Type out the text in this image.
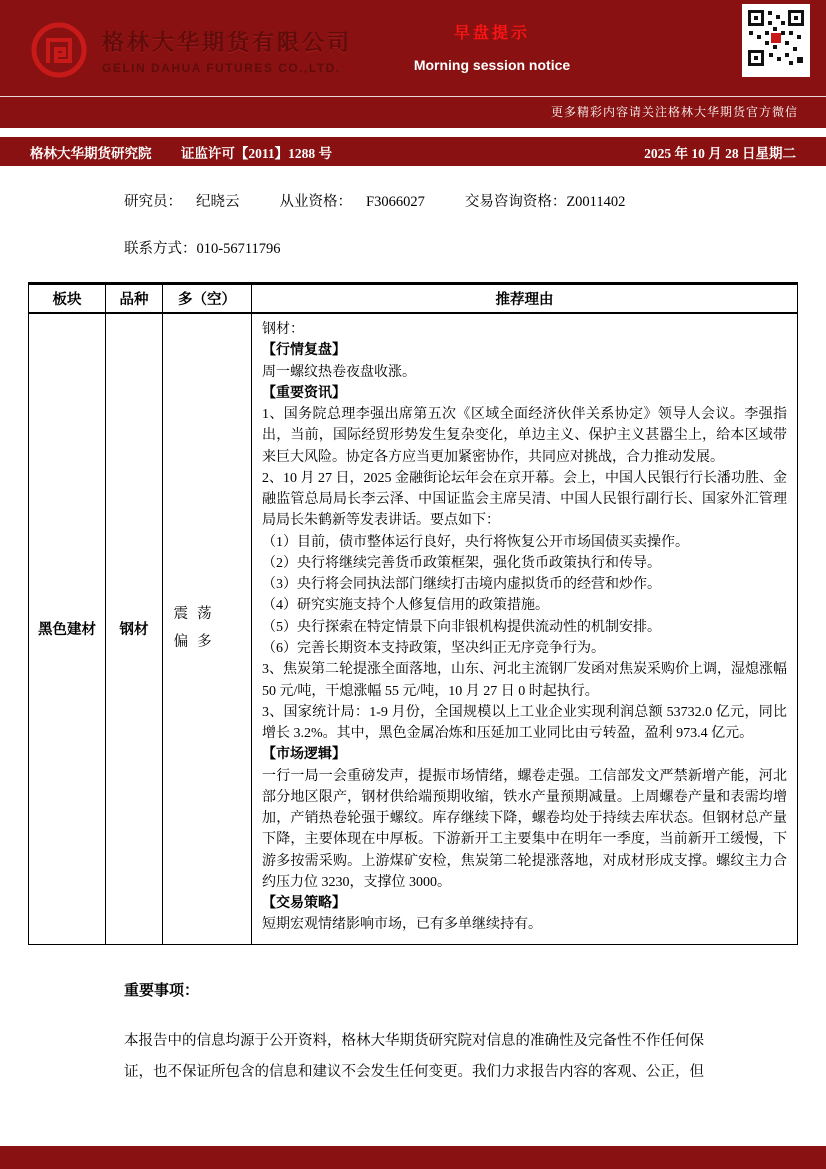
格林大华期货有限公司
GELIN DAHUA FUTURES CO.,LTD.
早盘提示
Morning session notice
更多精彩内容请关注格林大华期货官方微信
格林大华期货研究院 证监许可【2011】1288 号	2025 年 10 月 28 日星期二
研究员： 纪晓云	从业资格： F3066027	交易咨询资格： Z0011402
联系方式：010-56711796
板块	品种	多（空）	推荐理由
黑色建材	钢材	震荡偏多	
钢材：
【行情复盘】
周一螺纹热卷夜盘收涨。
【重要资讯】
1、国务院总理李强出席第五次《区域全面经济伙伴关系协定》领导人会议。李强指出，当前，国际经贸形势发生复杂变化，单边主义、保护主义甚嚣尘上，给本区域带来巨大风险。协定各方应当更加紧密协作，共同应对挑战，合力推动发展。
2、10 月 27 日，2025 金融街论坛年会在京开幕。会上，中国人民银行行长潘功胜、金融监管总局局长李云泽、中国证监会主席吴清、中国人民银行副行长、国家外汇管理局局长朱鹤新等发表讲话。要点如下：
（1）目前，债市整体运行良好，央行将恢复公开市场国债买卖操作。
（2）央行将继续完善货币政策框架，强化货币政策执行和传导。
（3）央行将会同执法部门继续打击境内虚拟货币的经营和炒作。
（4）研究实施支持个人修复信用的政策措施。
（5）央行探索在特定情景下向非银机构提供流动性的机制安排。
（6）完善长期资本支持政策，坚决纠正无序竞争行为。
3、焦炭第二轮提涨全面落地，山东、河北主流钢厂发函对焦炭采购价上调，湿熄涨幅 50 元/吨，干熄涨幅 55 元/吨，10 月 27 日 0 时起执行。
3、国家统计局：1-9 月份，全国规模以上工业企业实现利润总额 53732.0 亿元，同比增长 3.2%。其中，黑色金属冶炼和压延加工业同比由亏转盈，盈利 973.4 亿元。
【市场逻辑】
一行一局一会重磅发声，提振市场情绪，螺卷走强。工信部发文严禁新增产能，河北部分地区限产，钢材供给端预期收缩，铁水产量预期减量。上周螺卷产量和表需均增加，产销热卷轮强于螺纹。库存继续下降，螺卷均处于持续去库状态。但钢材总产量下降，主要体现在中厚板。下游新开工主要集中在明年一季度，当前新开工缓慢，下游多按需采购。上游煤矿安检，焦炭第二轮提涨落地，对成材形成支撑。螺纹主力合约压力位 3230，支撑位 3000。
【交易策略】
短期宏观情绪影响市场，已有多单继续持有。
重要事项：

本报告中的信息均源于公开资料，格林大华期货研究院对信息的准确性及完备性不作任何保证，也不保证所包含的信息和建议不会发生任何变更。我们力求报告内容的客观、公正，但
